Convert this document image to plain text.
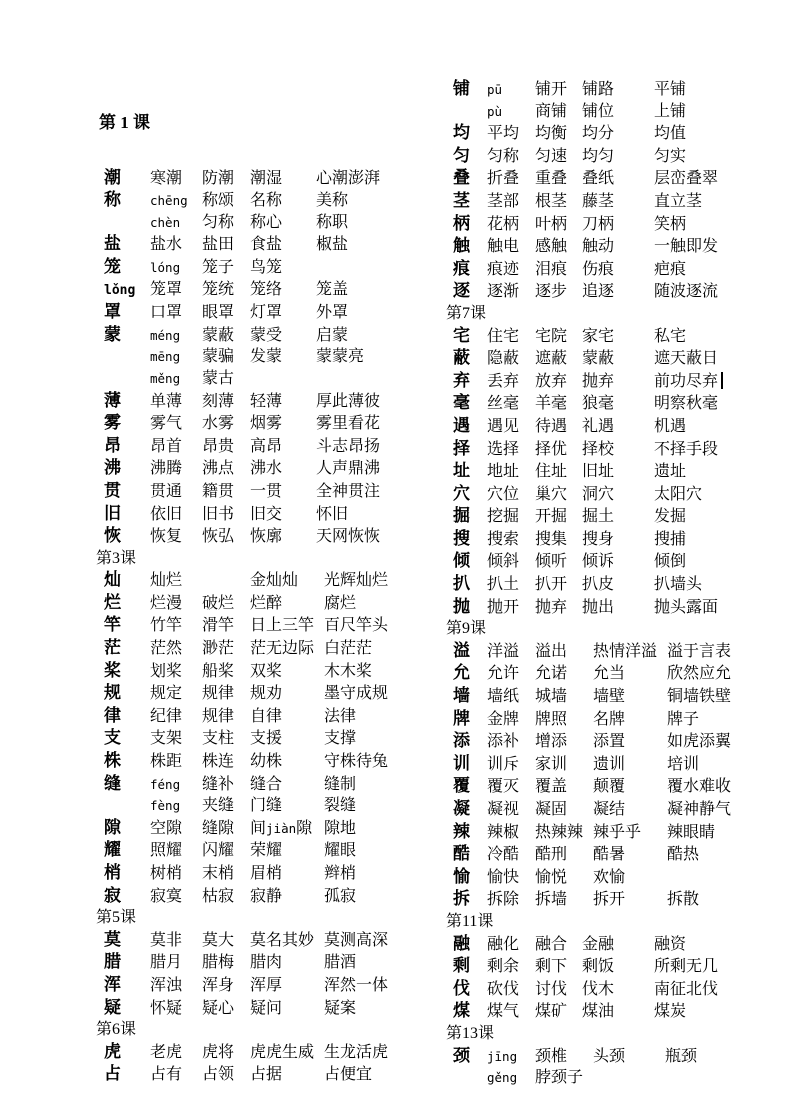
第 1 课
潮	寒潮	防潮	潮湿	心潮澎湃
称	chēng	称颂	名称	美称
	chèn	匀称	称心	称职
盐	盐水	盐田	食盐	椒盐
笼	lóng	笼子	鸟笼
lǒng	笼罩	笼统	笼络	笼盖
罩	口罩	眼罩	灯罩	外罩
蒙	méng	蒙蔽	蒙受	启蒙
	mēng	蒙骗	发蒙	蒙蒙亮
	měng	蒙古
薄	单薄	刻薄	轻薄	厚此薄彼
雾	雾气	水雾	烟雾	雾里看花
昂	昂首	昂贵	高昂	斗志昂扬
沸	沸腾	沸点	沸水	人声鼎沸
贯	贯通	籍贯	一贯	全神贯注
旧	依旧	旧书	旧交	怀旧
恢	恢复	恢弘	恢廓	天网恢恢
第3课
灿	灿烂		金灿灿	光辉灿烂
烂	烂漫	破烂	烂醉	腐烂
竿	竹竿	滑竿	日上三竿	百尺竿头
茫	茫然	渺茫	茫无边际	白茫茫
桨	划桨	船桨	双桨	木木桨
规	规定	规律	规劝	墨守成规
律	纪律	规律	自律	法律
支	支架	支柱	支援	支撑
株	株距	株连	幼株	守株待兔
缝	féng	缝补	缝合	缝制
	fèng	夹缝	门缝	裂缝
隙	空隙	缝隙	间jiàn隙	隙地
耀	照耀	闪耀	荣耀	耀眼
梢	树梢	末梢	眉梢	辫梢
寂	寂寞	枯寂	寂静	孤寂
第5课
莫	莫非	莫大	莫名其妙	莫测高深
腊	腊月	腊梅	腊肉	腊酒
浑	浑浊	浑身	浑厚	浑然一体
疑	怀疑	疑心	疑问	疑案
第6课
虎	老虎	虎将	虎虎生威	生龙活虎
占	占有	占领	占据	占便宜
铺	pū	铺开	铺路	平铺
	pù	商铺	铺位	上铺
均	平均	均衡	均分	均值
匀	匀称	匀速	均匀	匀实
叠	折叠	重叠	叠纸	层峦叠翠
茎	茎部	根茎	藤茎	直立茎
柄	花柄	叶柄	刀柄	笑柄
触	触电	感触	触动	一触即发
痕	痕迹	泪痕	伤痕	疤痕
逐	逐渐	逐步	追逐	随波逐流
第7课
宅	住宅	宅院	家宅	私宅
蔽	隐蔽	遮蔽	蒙蔽	遮天蔽日
弃	丢弃	放弃	抛弃	前功尽弃
毫	丝毫	羊毫	狼毫	明察秋毫
遇	遇见	待遇	礼遇	机遇
择	选择	择优	择校	不择手段
址	地址	住址	旧址	遗址
穴	穴位	巢穴	洞穴	太阳穴
掘	挖掘	开掘	掘土	发掘
搜	搜索	搜集	搜身	搜捕
倾	倾斜	倾听	倾诉	倾倒
扒	扒土	扒开	扒皮	扒墙头
抛	抛开	抛弃	抛出	抛头露面
第9课
溢	洋溢	溢出	热情洋溢	溢于言表
允	允许	允诺	允当	欣然应允
墙	墙纸	城墙	墙壁	铜墙铁壁
牌	金牌	牌照	名牌	牌子
添	添补	增添	添置	如虎添翼
训	训斥	家训	遗训	培训
覆	覆灭	覆盖	颠覆	覆水难收
凝	凝视	凝固	凝结	凝神静气
辣	辣椒	热辣辣	辣乎乎	辣眼睛
酷	冷酷	酷刑	酷暑	酷热
愉	愉快	愉悦	欢愉
拆	拆除	拆墙	拆开	拆散
第11课
融	融化	融合	金融	融资
剩	剩余	剩下	剩饭	所剩无几
伐	砍伐	讨伐	伐木	南征北伐
煤	煤气	煤矿	煤油	煤炭
第13课
颈	jīng	颈椎	头颈	瓶颈
	gěng	脖颈子
